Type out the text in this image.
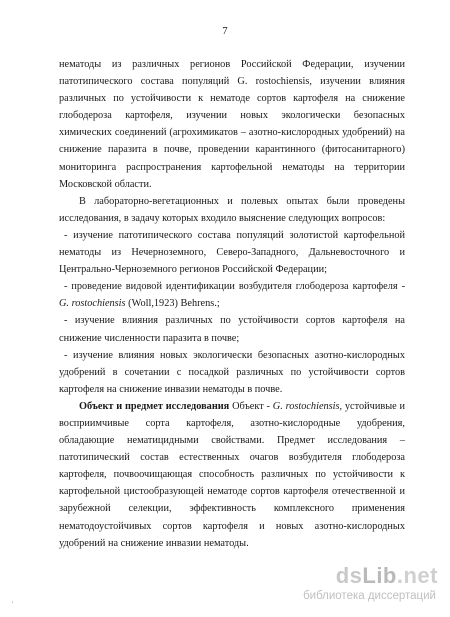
7

нематоды из различных регионов Российской Федерации, изучении патотипического состава популяций G. rostochiensis, изучении влияния различных по устойчивости к нематоде сортов картофеля на снижение глободероза картофеля, изучении новых экологически безопасных химических соединений (агрохимикатов – азотно-кислородных удобрений) на снижение паразита в почве, проведении карантинного (фитосанитарного) мониторинга распространения картофельной нематоды на территории Московской области.

В лабораторно-вегетационных и полевых опытах были проведены исследования, в задачу которых входило выяснение следующих вопросов:

- изучение патотипического состава популяций золотистой картофельной нематоды из Нечерноземного, Северо-Западного, Дальневосточного и Центрально-Черноземного регионов Российской Федерации;

- проведение видовой идентификации возбудителя глободероза картофеля - G. rostochiensis (Woll,1923) Behrens.;

- изучение влияния различных по устойчивости сортов картофеля на снижение численности паразита в почве;

- изучение влияния новых экологически безопасных азотно-кислородных удобрений в сочетании с посадкой различных по устойчивости сортов картофеля на снижение инвазии нематоды в почве.

Объект и предмет исследования Объект - G. rostochiensis, устойчивые и восприимчивые сорта картофеля, азотно-кислородные удобрения, обладающие нематицидными свойствами. Предмет исследования – патотипический состав естественных очагов возбудителя глободероза картофеля, почвоочищающая способность различных по устойчивости к картофельной цистообразующей нематоде сортов картофеля отечественной и зарубежной селекции, эффективность комплексного применения нематодоустойчивых сортов картофеля и новых азотно-кислородных удобрений на снижение инвазии нематоды.

dsLib.net
библиотека диссертаций
,
